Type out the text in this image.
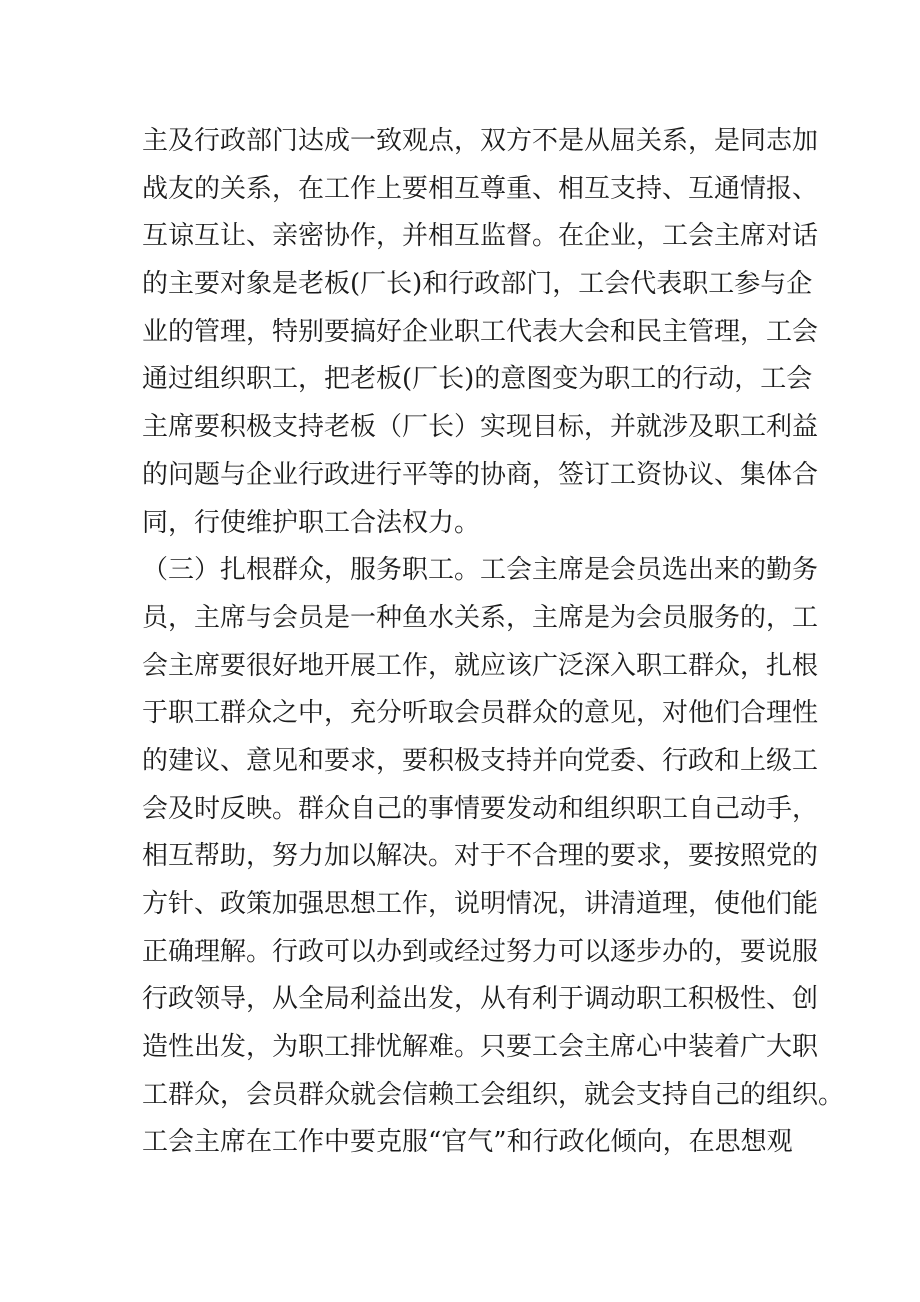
主及行政部门达成一致观点，双方不是从屈关系，是同志加
战友的关系，在工作上要相互尊重、相互支持、互通情报、
互谅互让、亲密协作，并相互监督。在企业，工会主席对话
的主要对象是老板(厂长)和行政部门，工会代表职工参与企
业的管理，特别要搞好企业职工代表大会和民主管理，工会
通过组织职工，把老板(厂长)的意图变为职工的行动，工会
主席要积极支持老板（厂长）实现目标，并就涉及职工利益
的问题与企业行政进行平等的协商，签订工资协议、集体合
同，行使维护职工合法权力。
（三）扎根群众，服务职工。工会主席是会员选出来的勤务
员，主席与会员是一种鱼水关系，主席是为会员服务的，工
会主席要很好地开展工作，就应该广泛深入职工群众，扎根
于职工群众之中，充分听取会员群众的意见，对他们合理性
的建议、意见和要求，要积极支持并向党委、行政和上级工
会及时反映。群众自己的事情要发动和组织职工自己动手，
相互帮助，努力加以解决。对于不合理的要求，要按照党的
方针、政策加强思想工作，说明情况，讲清道理，使他们能
正确理解。行政可以办到或经过努力可以逐步办的，要说服
行政领导，从全局利益出发，从有利于调动职工积极性、创
造性出发，为职工排忧解难。只要工会主席心中装着广大职
工群众，会员群众就会信赖工会组织，就会支持自己的组织。
工会主席在工作中要克服“官气”和行政化倾向，在思想观
